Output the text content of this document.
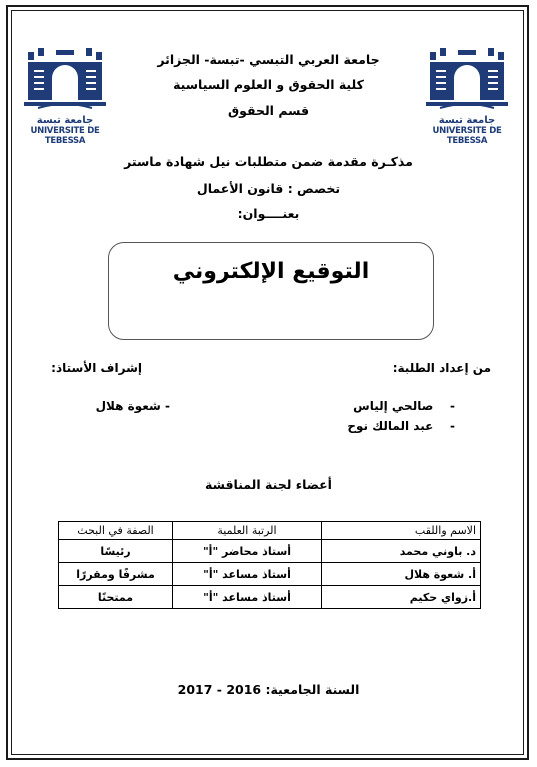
جامعة تبسة
UNIVERSITE DE TEBESSA
جامعة تبسة
UNIVERSITE DE TEBESSA
جامعة العربي التبسي -تبسة- الجزائر
كلية الحقوق و العلوم السياسية
قسم الحقوق
مذكـرة مقدمة ضمن متطلبات نيل شهادة ماستر
تخصص : قانون الأعمال
بعنــــوان:
التوقيع الإلكتروني
من إعداد الطلبة:
-    صالحي إلياس
-    عبد المالك نوح
إشراف الأستاذ:
- شعوة هلال
أعضاء لجنة المناقشة
الاسم واللقب	الرتبة العلمية	الصفة في البحث
د. باوني محمد	أستاذ محاضر "أ"	رئيسًا
أ. شعوة هلال	أستاذ مساعد "أ"	مشرفًا ومقررًا
أ.زواي حكيم	أستاذ مساعد "أ"	ممتحنًا
السنة الجامعية: 2016 - 2017
